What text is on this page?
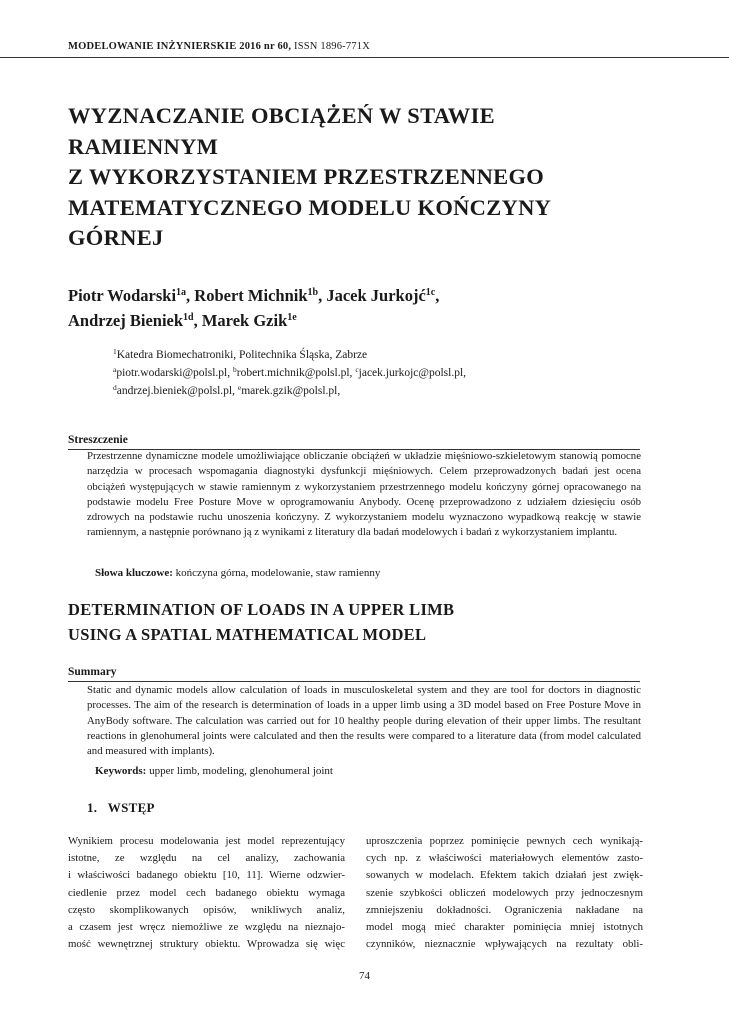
MODELOWANIE INŻYNIERSKIE 2016 nr 60, ISSN 1896-771X
WYZNACZANIE OBCIĄŻEŃ W STAWIE
RAMIENNYM
Z WYKORZYSTANIEM PRZESTRZENNEGO
MATEMATYCZNEGO MODELU KOŃCZYNY
GÓRNEJ
Piotr Wodarski$^{1a}$, Robert Michnik$^{1b}$, Jacek Jurkojć$^{1c}$,
Andrzej Bieniek$^{1d}$, Marek Gzik$^{1e}$
$^1$Katedra Biomechatroniki, Politechnika Śląska, Zabrze
$^a$piotr.wodarski@polsl.pl, $^b$robert.michnik@polsl.pl, $^c$jacek.jurkojc@polsl.pl,
$^d$andrzej.bieniek@polsl.pl, $^e$marek.gzik@polsl.pl,
Streszczenie
Przestrzenne dynamiczne modele umożliwiające obliczanie obciążeń w układzie mięśniowo-szkieletowym stanowią pomocne narzędzia w procesach wspomagania diagnostyki dysfunkcji mięśniowych. Celem przeprowadzonych badań jest ocena obciążeń występujących w stawie ramiennym z wykorzystaniem przestrzennego modelu kończyny górnej opracowanego na podstawie modelu Free Posture Move w oprogramowaniu Anybody. Ocenę przeprowadzono z udziałem dziesięciu osób zdrowych na podstawie ruchu unoszenia kończyny. Z wykorzystaniem modelu wyznaczono wypadkową reakcję w stawie ramiennym, a następnie porównano ją z wynikami z literatury dla badań modelowych i badań z wykorzystaniem implantu.
Słowa kluczowe: kończyna górna, modelowanie, staw ramienny
DETERMINATION OF LOADS IN A UPPER LIMB
USING A SPATIAL MATHEMATICAL MODEL
Summary
Static and dynamic models allow calculation of loads in musculoskeletal system and they are tool for doctors in diagnostic processes. The aim of the research is determination of loads in a upper limb using a 3D model based on Free Posture Move in AnyBody software. The calculation was carried out for 10 healthy people during elevation of their upper limbs. The resultant reactions in glenohumeral joints were calculated and then the results were compared to a literature data (from model calculated and measured with implants).
Keywords: upper limb, modeling, glenohumeral joint
1. WSTĘP
Wynikiem procesu modelowania jest model reprezentujący
istotne, ze względu na cel analizy, zachowania
i właściwości badanego obiektu [10, 11]. Wierne odzwier-
ciedlenie przez model cech badanego obiektu wymaga
często skomplikowanych opisów, wnikliwych analiz,
a czasem jest wręcz niemożliwe ze względu na nieznajo-
mość wewnętrznej struktury obiektu. Wprowadza się więc
uproszczenia poprzez pominięcie pewnych cech wynikają-
cych np. z właściwości materiałowych elementów zasto-
sowanych w modelach. Efektem takich działań jest zwięk-
szenie szybkości obliczeń modelowych przy jednoczesnym
zmniejszeniu dokładności. Ograniczenia nakładane na
model mogą mieć charakter pominięcia mniej istotnych
czynników, nieznacznie wpływających na rezultaty obli-
74
